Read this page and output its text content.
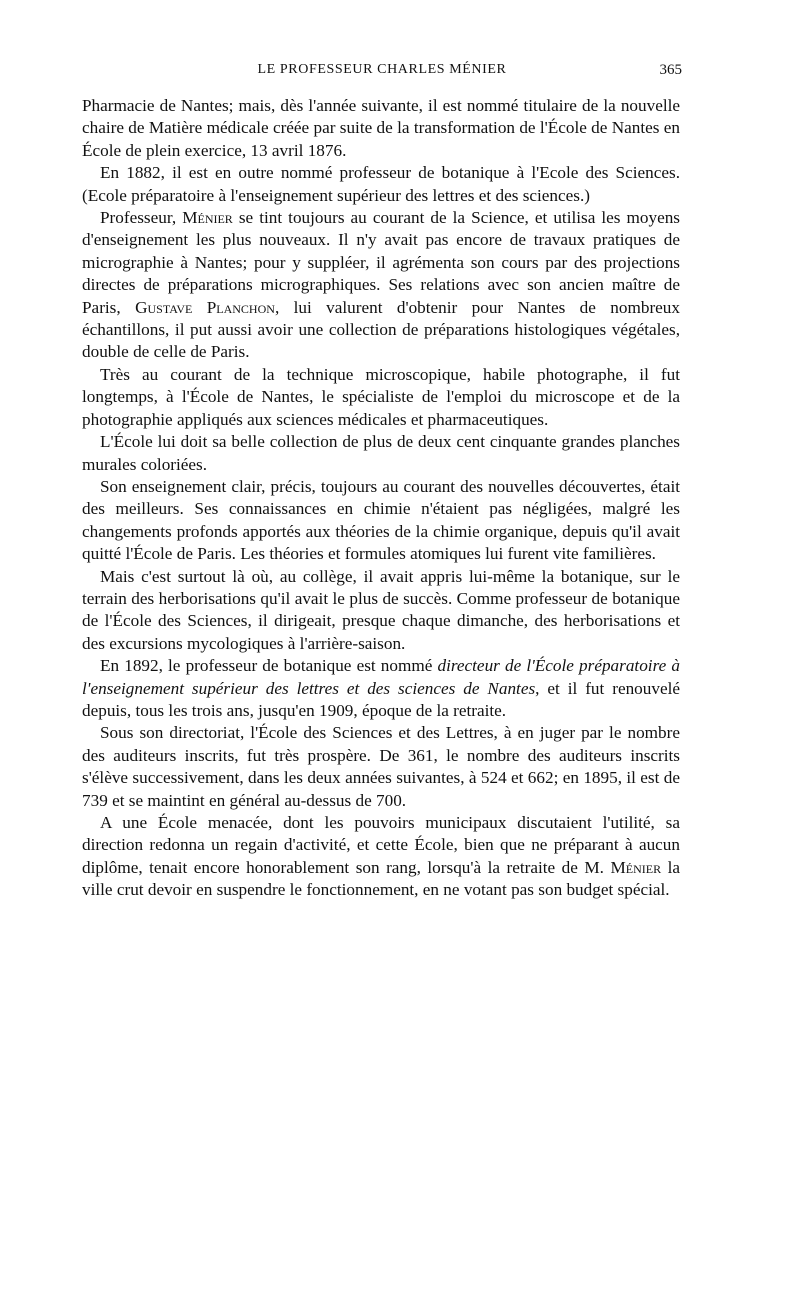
LE PROFESSEUR CHARLES MÉNIER	365

Pharmacie de Nantes; mais, dès l'année suivante, il est nommé titulaire de la nouvelle chaire de Matière médicale créée par suite de la transformation de l'École de Nantes en École de plein exercice, 13 avril 1876.

En 1882, il est en outre nommé professeur de botanique à l'Ecole des Sciences. (Ecole préparatoire à l'enseignement supérieur des lettres et des sciences.)

Professeur, Ménier se tint toujours au courant de la Science, et utilisa les moyens d'enseignement les plus nouveaux. Il n'y avait pas encore de travaux pratiques de micrographie à Nantes; pour y suppléer, il agrémenta son cours par des projections directes de préparations micrographiques. Ses relations avec son ancien maître de Paris, Gustave Planchon, lui valurent d'obtenir pour Nantes de nombreux échantillons, il put aussi avoir une collection de préparations histologiques végétales, double de celle de Paris.

Très au courant de la technique microscopique, habile photographe, il fut longtemps, à l'École de Nantes, le spécialiste de l'emploi du microscope et de la photographie appliqués aux sciences médicales et pharmaceutiques.

L'École lui doit sa belle collection de plus de deux cent cinquante grandes planches murales coloriées.

Son enseignement clair, précis, toujours au courant des nouvelles découvertes, était des meilleurs. Ses connaissances en chimie n'étaient pas négligées, malgré les changements profonds apportés aux théories de la chimie organique, depuis qu'il avait quitté l'École de Paris. Les théories et formules atomiques lui furent vite familières.

Mais c'est surtout là où, au collège, il avait appris lui-même la botanique, sur le terrain des herborisations qu'il avait le plus de succès. Comme professeur de botanique de l'École des Sciences, il dirigeait, presque chaque dimanche, des herborisations et des excursions mycologiques à l'arrière-saison.

En 1892, le professeur de botanique est nommé directeur de l'École préparatoire à l'enseignement supérieur des lettres et des sciences de Nantes, et il fut renouvelé depuis, tous les trois ans, jusqu'en 1909, époque de la retraite.

Sous son directoriat, l'École des Sciences et des Lettres, à en juger par le nombre des auditeurs inscrits, fut très prospère. De 361, le nombre des auditeurs inscrits s'élève successivement, dans les deux années suivantes, à 524 et 662; en 1895, il est de 739 et se maintint en général au-dessus de 700.

A une École menacée, dont les pouvoirs municipaux discutaient l'utilité, sa direction redonna un regain d'activité, et cette École, bien que ne préparant à aucun diplôme, tenait encore honorablement son rang, lorsqu'à la retraite de M. Ménier la ville crut devoir en suspendre le fonctionnement, en ne votant pas son budget spécial.
